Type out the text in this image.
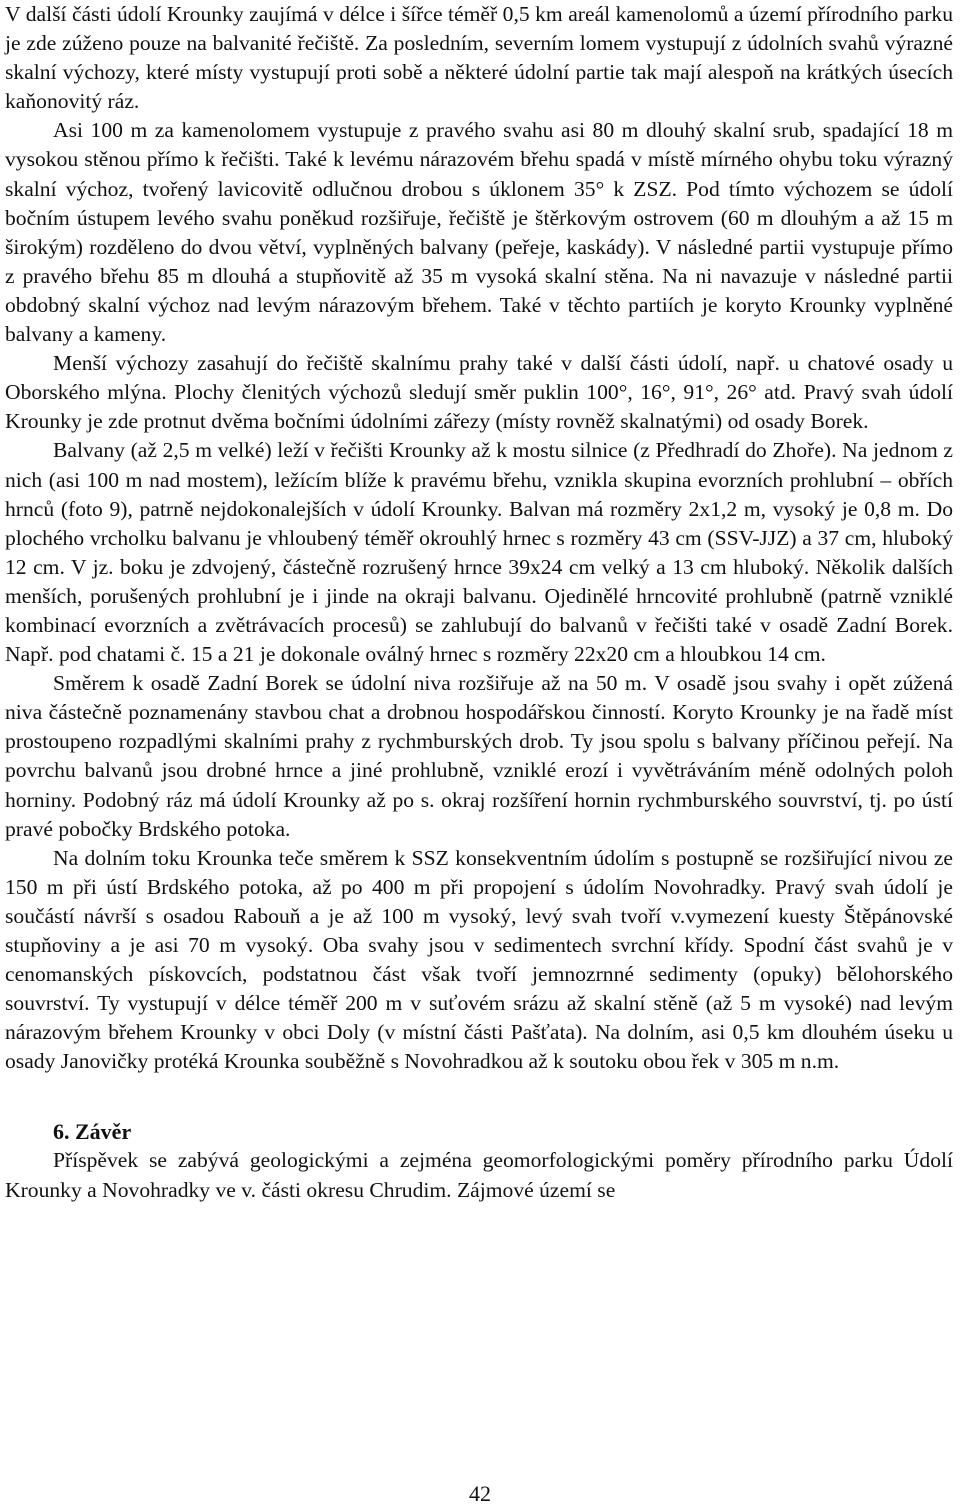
V další části údolí Krounky zaujímá v délce i šířce téměř 0,5 km areál kamenolomů a území přírodního parku je zde zúženo pouze na balvanité řečiště. Za posledním, severním lomem vystupují z údolních svahů výrazné skalní výchozy, které místy vystupují proti sobě a některé údolní partie tak mají alespoň na krátkých úsecích kaňonovitý ráz.

Asi 100 m za kamenolomem vystupuje z pravého svahu asi 80 m dlouhý skalní srub, spadající 18 m vysokou stěnou přímo k řečišti. Také k levému nárazovém břehu spadá v místě mírného ohybu toku výrazný skalní výchoz, tvořený lavicovitě odlučnou drobou s úklonem 35° k ZSZ. Pod tímto výchozem se údolí bočním ústupem levého svahu poněkud rozšiřuje, řečiště je štěrkovým ostrovem (60 m dlouhým a až 15 m širokým) rozděleno do dvou větví, vyplněných balvany (peřeje, kaskády). V následné partii vystupuje přímo z pravého břehu 85 m dlouhá a stupňovitě až 35 m vysoká skalní stěna. Na ni navazuje v následné partii obdobný skalní výchoz nad levým nárazovým břehem. Také v těchto partiích je koryto Krounky vyplněné balvany a kameny.

Menší výchozy zasahují do řečiště skalnímu prahy také v další části údolí, např. u chatové osady u Oborského mlýna. Plochy členitých výchozů sledují směr puklin 100°, 16°, 91°, 26° atd. Pravý svah údolí Krounky je zde protnut dvěma bočními údolními zářezy (místy rovněž skalnatými) od osady Borek.

Balvany (až 2,5 m velké) leží v řečišti Krounky až k mostu silnice (z Předhradí do Zhoře). Na jednom z nich (asi 100 m nad mostem), ležícím blíže k pravému břehu, vznikla skupina evorzních prohlubní – obřích hrnců (foto 9), patrně nejdokonalejších v údolí Krounky. Balvan má rozměry 2x1,2 m, vysoký je 0,8 m. Do plochého vrcholku balvanu je vhloubený téměř okrouhlý hrnec s rozměry 43 cm (SSV-JJZ) a 37 cm, hluboký 12 cm. V jz. boku je zdvojený, částečně rozrušený hrnce 39x24 cm velký a 13 cm hluboký. Několik dalších menších, porušených prohlubní je i jinde na okraji balvanu. Ojedinělé hrncovité prohlubně (patrně vzniklé kombinací evorzních a zvětrávacích procesů) se zahlubují do balvanů v řečišti také v osadě Zadní Borek. Např. pod chatami č. 15 a 21 je dokonale oválný hrnec s rozměry 22x20 cm a hloubkou 14 cm.

Směrem k osadě Zadní Borek se údolní niva rozšiřuje až na 50 m. V osadě jsou svahy i opět zúžená niva částečně poznamenány stavbou chat a drobnou hospodářskou činností. Koryto Krounky je na řadě míst prostoupeno rozpadlými skalními prahy z rychmburských drob. Ty jsou spolu s balvany příčinou peřejí. Na povrchu balvanů jsou drobné hrnce a jiné prohlubně, vzniklé erozí i vyvětráváním méně odolných poloh horniny. Podobný ráz má údolí Krounky až po s. okraj rozšíření hornin rychmburského souvrství, tj. po ústí pravé pobočky Brdského potoka.

Na dolním toku Krounka teče směrem k SSZ konsekventním údolím s postupně se rozšiřující nivou ze 150 m při ústí Brdského potoka, až po 400 m při propojení s údolím Novohradky. Pravý svah údolí je součástí návrší s osadou Rabouň a je až 100 m vysoký, levý svah tvoří v.vymezení kuesty Štěpánovské stupňoviny a je asi 70 m vysoký. Oba svahy jsou v sedimentech svrchní křídy. Spodní část svahů je v cenomanských pískovcích, podstatnou část však tvoří jemnozrnné sedimenty (opuky) bělohorského souvrství. Ty vystupují v délce téměř 200 m v suťovém srázu až skalní stěně (až 5 m vysoké) nad levým nárazovým břehem Krounky v obci Doly (v místní části Pašťata). Na dolním, asi 0,5 km dlouhém úseku u osady Janovičky protéká Krounka souběžně s Novohradkou až k soutoku obou řek v 305 m n.m.

6. Závěr

Příspěvek se zabývá geologickými a zejména geomorfologickými poměry přírodního parku Údolí Krounky a Novohradky ve v. části okresu Chrudim. Zájmové území se

42
